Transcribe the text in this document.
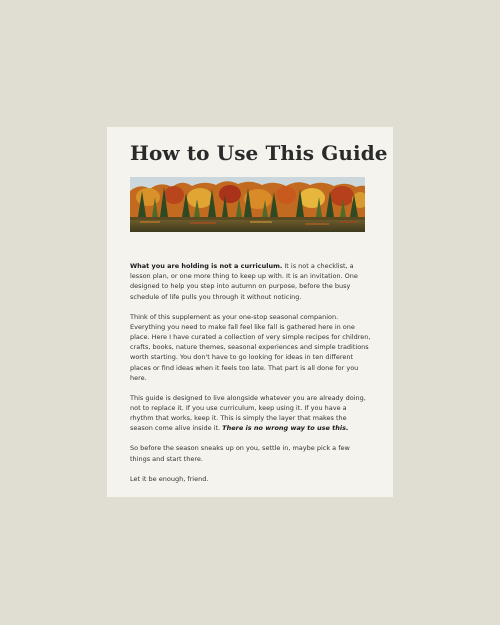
How to Use This Guide

What you are holding is not a curriculum. It is not a checklist, a lesson plan, or one more thing to keep up with. It is an invitation. One designed to help you step into autumn on purpose, before the busy schedule of life pulls you through it without noticing.

Think of this supplement as your one-stop seasonal companion. Everything you need to make fall feel like fall is gathered here in one place. Here I have curated a collection of very simple recipes for children, crafts, books, nature themes, seasonal experiences and simple traditions worth starting. You don't have to go looking for ideas in ten different places or find ideas when it feels too late. That part is all done for you here.

This guide is designed to live alongside whatever you are already doing, not to replace it. If you use curriculum, keep using it. If you have a rhythm that works, keep it. This is simply the layer that makes the season come alive inside it. There is no wrong way to use this.

So before the season sneaks up on you, settle in, maybe pick a few things and start there.

Let it be enough, friend.
